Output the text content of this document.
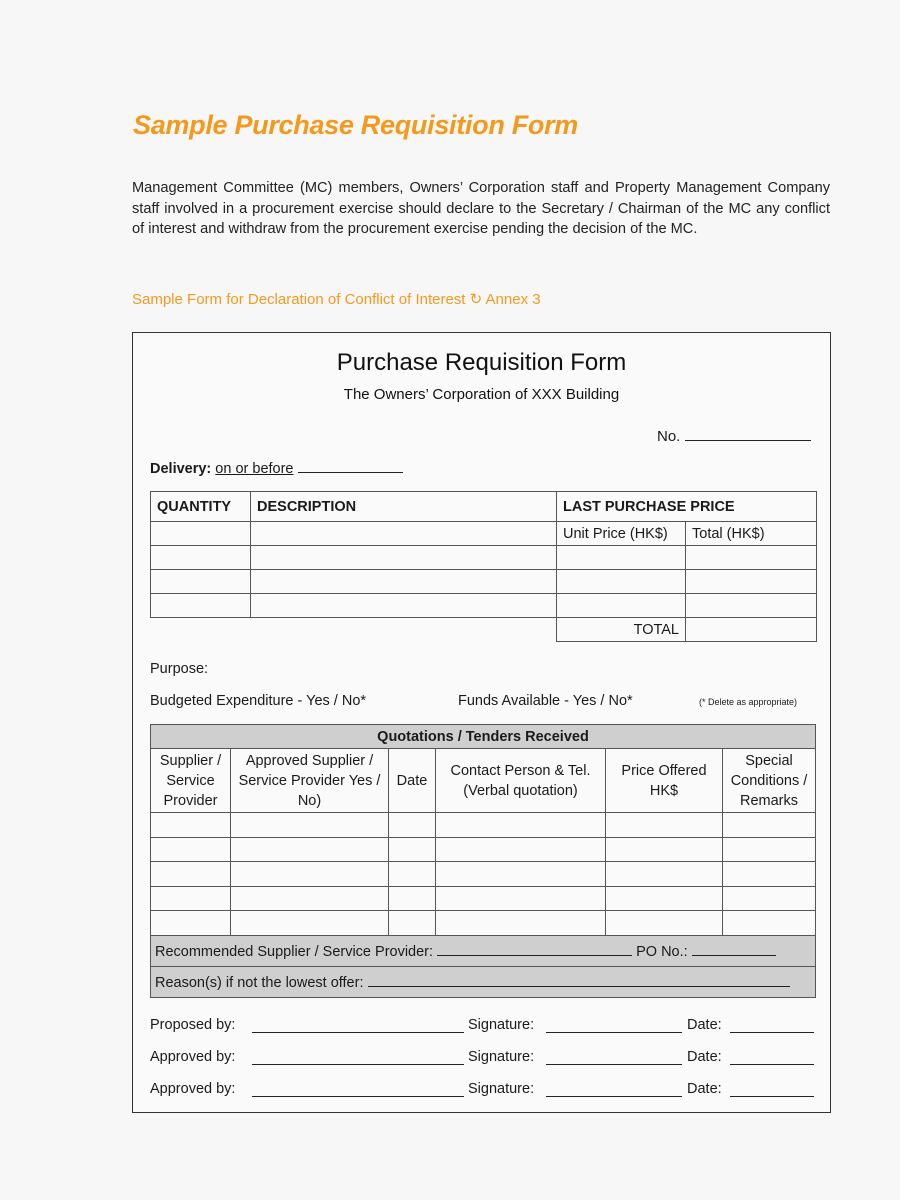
Sample Purchase Requisition Form
Management Committee (MC) members, Owners’ Corporation staff and Property Management Company staff involved in a procurement exercise should declare to the Secretary / Chairman of the MC any conflict of interest and withdraw from the procurement exercise pending the decision of the MC.
Sample Form for Declaration of Conflict of Interest ↻ Annex 3
Purchase Requisition Form
The Owners’ Corporation of XXX Building
No.
Delivery: on or before
QUANTITY	DESCRIPTION	LAST PURCHASE PRICE	
		Unit Price (HK$)	Total (HK$)

		TOTAL	
Purpose:
Budgeted Expenditure - Yes / No*	Funds Available - Yes / No*	(* Delete as appropriate)
Quotations / Tenders Received					
Supplier / Service Provider	Approved Supplier / Service Provider Yes / No)	Date	Contact Person & Tel. (Verbal quotation)	Price Offered HK$	Special Conditions / Remarks

Recommended Supplier / Service Provider: PO No.:					
Reason(s) if not the lowest offer:					
Proposed by:	Signature:	Date:
Approved by:	Signature:	Date:
Approved by:	Signature:	Date:
